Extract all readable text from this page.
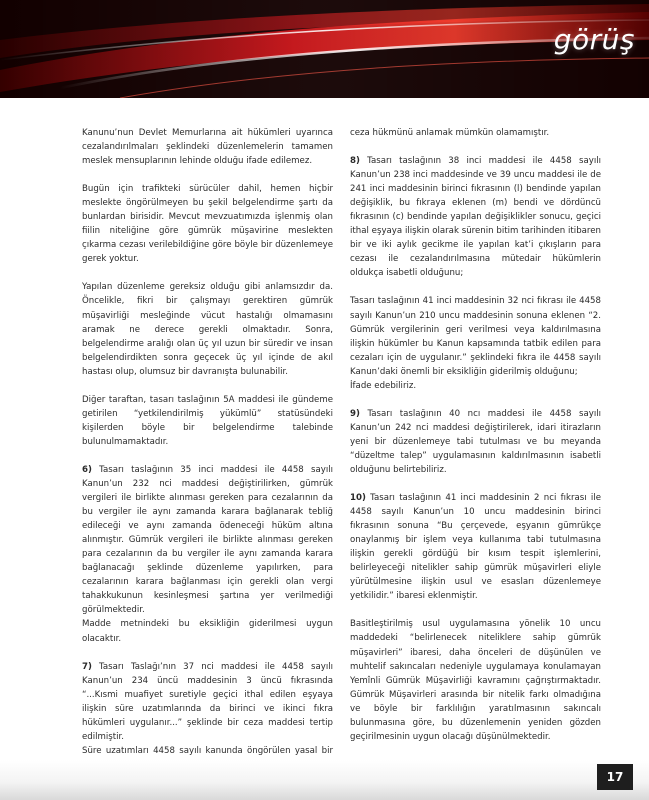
görüş

Kanunu’nun Devlet Memurlarına ait hükümleri uyarınca cezalandırılmaları şeklindeki düzenlemelerin tamamen meslek mensuplarının lehinde olduğu ifade edilemez.

Bugün için trafikteki sürücüler dahil, hemen hiçbir meslekte öngörülmeyen bu şekil belgelendirme şartı da bunlardan birisidir. Mevcut mevzuatımızda işlenmiş olan fiilin niteliğine göre gümrük müşavirine meslekten çıkarma cezası verilebildiğine göre böyle bir düzenlemeye gerek yoktur.

Yapılan düzenleme gereksiz olduğu gibi anlamsızdır da. Öncelikle, fikri bir çalışmayı gerektiren gümrük müşavirliği mesleğinde vücut hastalığı olmamasını aramak ne derece gerekli olmaktadır. Sonra, belgelendirme aralığı olan üç yıl uzun bir süredir ve insan belgelendirdikten sonra geçecek üç yıl içinde de akıl hastası olup, olumsuz bir davranışta bulunabilir.

Diğer taraftan, tasarı taslağının 5A maddesi ile gündeme getirilen “yetkilendirilmiş yükümlü” statüsündeki kişilerden böyle bir belgelendirme talebinde bulunulmamaktadır.

6) Tasarı taslağının 35 inci maddesi ile 4458 sayılı Kanun’un 232 nci maddesi değiştirilirken, gümrük vergileri ile birlikte alınması gereken para cezalarının da bu vergiler ile aynı zamanda karara bağlanarak tebliğ edileceği ve aynı zamanda ödeneceği hüküm altına alınmıştır. Gümrük vergileri ile birlikte alınması gereken para cezalarının da bu vergiler ile aynı zamanda karara bağlanacağı şeklinde düzenleme yapılırken, para cezalarının karara bağlanması için gerekli olan vergi tahakkukunun kesinleşmesi şartına yer verilmediği görülmektedir.

Madde metnindeki bu eksikliğin giderilmesi uygun olacaktır.

7) Tasarı Taslağı’nın 37 nci maddesi ile 4458 sayılı Kanun’un 234 üncü maddesinin 3 üncü fıkrasında “...Kısmi muafiyet suretiyle geçici ithal edilen eşyaya ilişkin süre uzatımlarında da birinci ve ikinci fıkra hükümleri uygulanır...” şeklinde bir ceza maddesi tertip edilmiştir.

Süre uzatımları 4458 sayılı kanunda öngörülen yasal bir

ceza hükmünü anlamak mümkün olamamıştır.

8) Tasarı taslağının 38 inci maddesi ile 4458 sayılı Kanun’un 238 inci maddesinde ve 39 uncu maddesi ile de 241 inci maddesinin birinci fıkrasının (l) bendinde yapılan değişiklik, bu fıkraya eklenen (m) bendi ve dördüncü fıkrasının (c) bendinde yapılan değişiklikler sonucu, geçici ithal eşyaya ilişkin olarak sürenin bitim tarihinden itibaren bir ve iki aylık gecikme ile yapılan kat’i çıkışların para cezası ile cezalandırılmasına mütedair hükümlerin oldukça isabetli olduğunu;

Tasarı taslağının 41 inci maddesinin 32 nci fıkrası ile 4458 sayılı Kanun’un 210 uncu maddesinin sonuna eklenen “2. Gümrük vergilerinin geri verilmesi veya kaldırılmasına ilişkin hükümler bu Kanun kapsamında tatbik edilen para cezaları için de uygulanır.” şeklindeki fıkra ile 4458 sayılı Kanun’daki önemli bir eksikliğin giderilmiş olduğunu;

İfade edebiliriz.

9) Tasarı taslağının 40 ncı maddesi ile 4458 sayılı Kanun’un 242 nci maddesi değiştirilerek, idari itirazların yeni bir düzenlemeye tabi tutulması ve bu meyanda “düzeltme talep” uygulamasının kaldırılmasının isabetli olduğunu belirtebiliriz.

10) Tasarı taslağının 41 inci maddesinin 2 nci fıkrası ile 4458 sayılı Kanun’un 10 uncu maddesinin birinci fıkrasının sonuna “Bu çerçevede, eşyanın gümrükçe onaylanmış bir işlem veya kullanıma tabi tutulmasına ilişkin gerekli gördüğü bir kısım tespit işlemlerini, belirleyeceği nitelikler sahip gümrük müşavirleri eliyle yürütülmesine ilişkin usul ve esasları düzenlemeye yetkilidir.” ibaresi eklenmiştir.

Basitleştirilmiş usul uygulamasına yönelik 10 uncu maddedeki “belirlenecek niteliklere sahip gümrük müşavirleri” ibaresi, daha önceleri de düşünülen ve muhtelif sakıncaları nedeniyle uygulamaya konulamayan Yemînli Gümrük Müşavirliği kavramını çağrıştırmaktadır. Gümrük Müşavirleri arasında bir nitelik farkı olmadığına ve böyle bir farklılığın yaratılmasının sakıncalı bulunmasına göre, bu düzenlemenin yeniden gözden geçirilmesinin uygun olacağı düşünülmektedir.

17
